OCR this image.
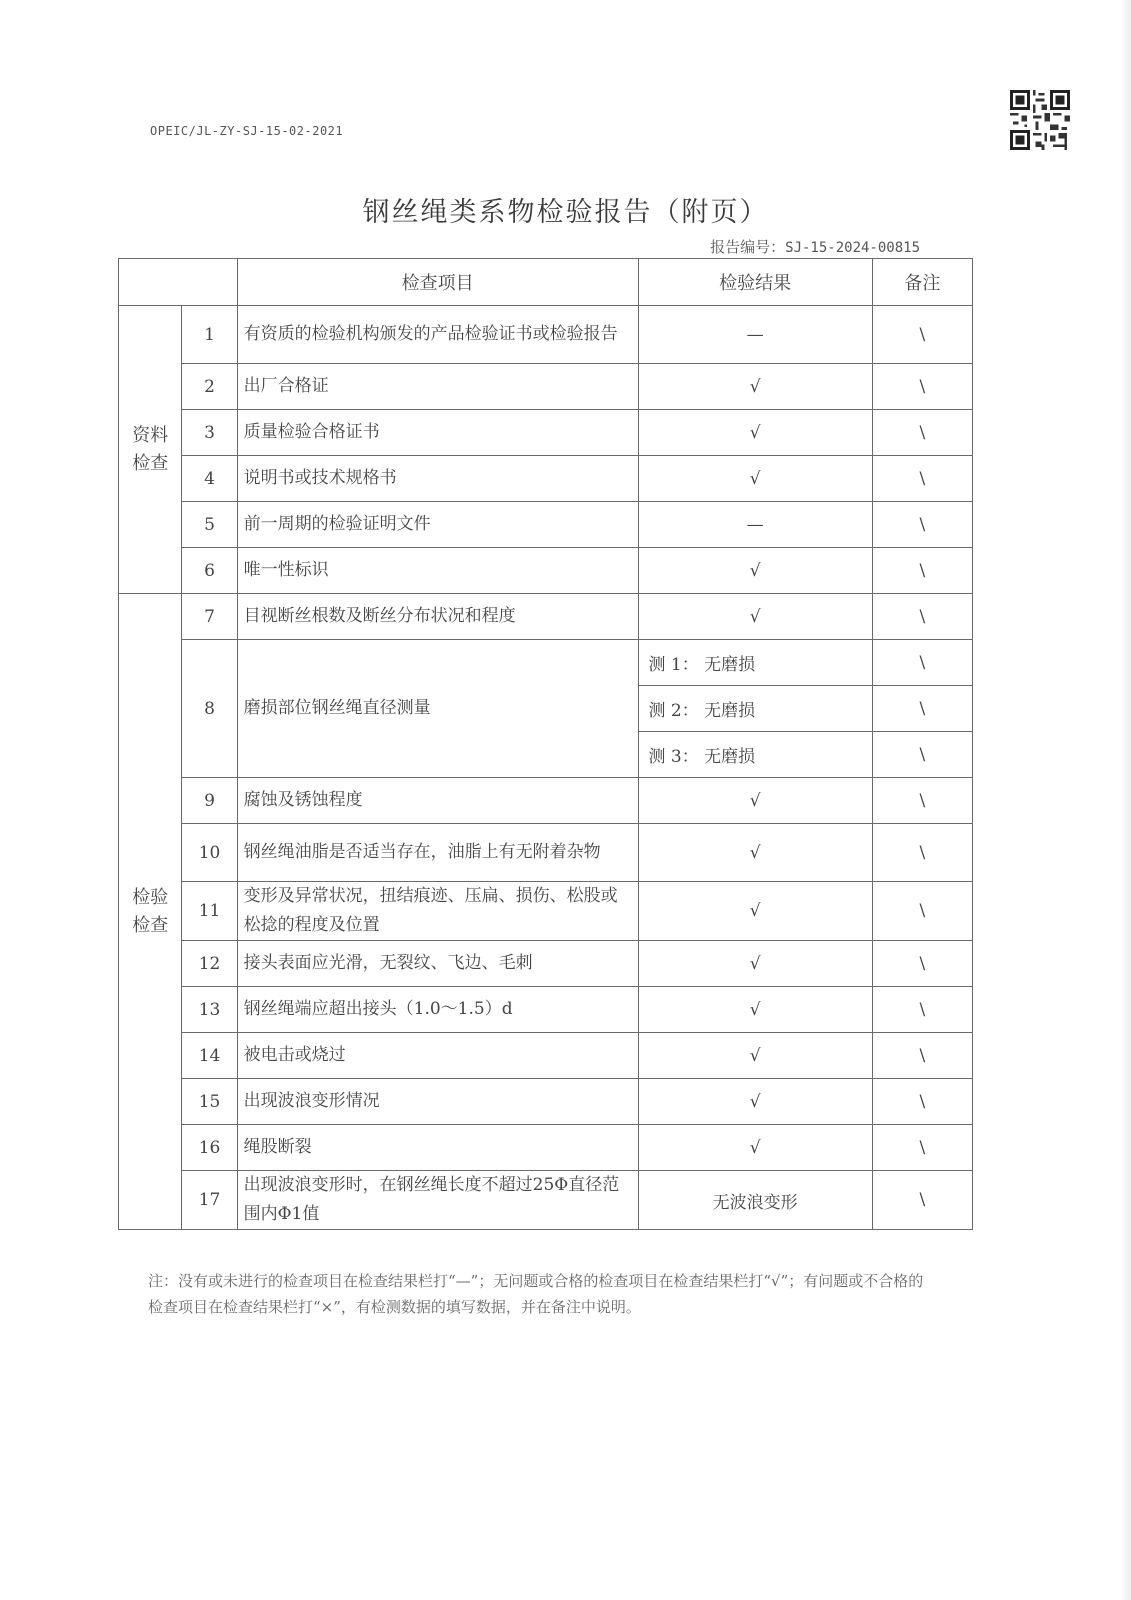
OPEIC/JL-ZY-SJ-15-02-2021
钢丝绳类系物检验报告（附页）
报告编号：SJ-15-2024-00815
		检查项目	检验结果	备注
资料
检查	1	有资质的检验机构颁发的产品检验证书或检验报告	—	\
	2	出厂合格证	√	\
	3	质量检验合格证书	√	\
	4	说明书或技术规格书	√	\
	5	前一周期的检验证明文件	—	\
	6	唯一性标识	√	\
检验
检查	7	目视断丝根数及断丝分布状况和程度	√	\
	8	磨损部位钢丝绳直径测量	测 1： 无磨损	\
			测 2： 无磨损	\
			测 3： 无磨损	\
	9	腐蚀及锈蚀程度	√	\
	10	钢丝绳油脂是否适当存在，油脂上有无附着杂物	√	\
	11	变形及异常状况，扭结痕迹、压扁、损伤、松股或松捻的程度及位置	√	\
	12	接头表面应光滑，无裂纹、飞边、毛刺	√	\
	13	钢丝绳端应超出接头（1.0～1.5）d	√	\
	14	被电击或烧过	√	\
	15	出现波浪变形情况	√	\
	16	绳股断裂	√	\
	17	出现波浪变形时，在钢丝绳长度不超过25Φ直径范围内Φ1值	无波浪变形	\
注：没有或未进行的检查项目在检查结果栏打“—”；无问题或合格的检查项目在检查结果栏打“√”；有问题或不合格的检查项目在检查结果栏打“×”，有检测数据的填写数据，并在备注中说明。
